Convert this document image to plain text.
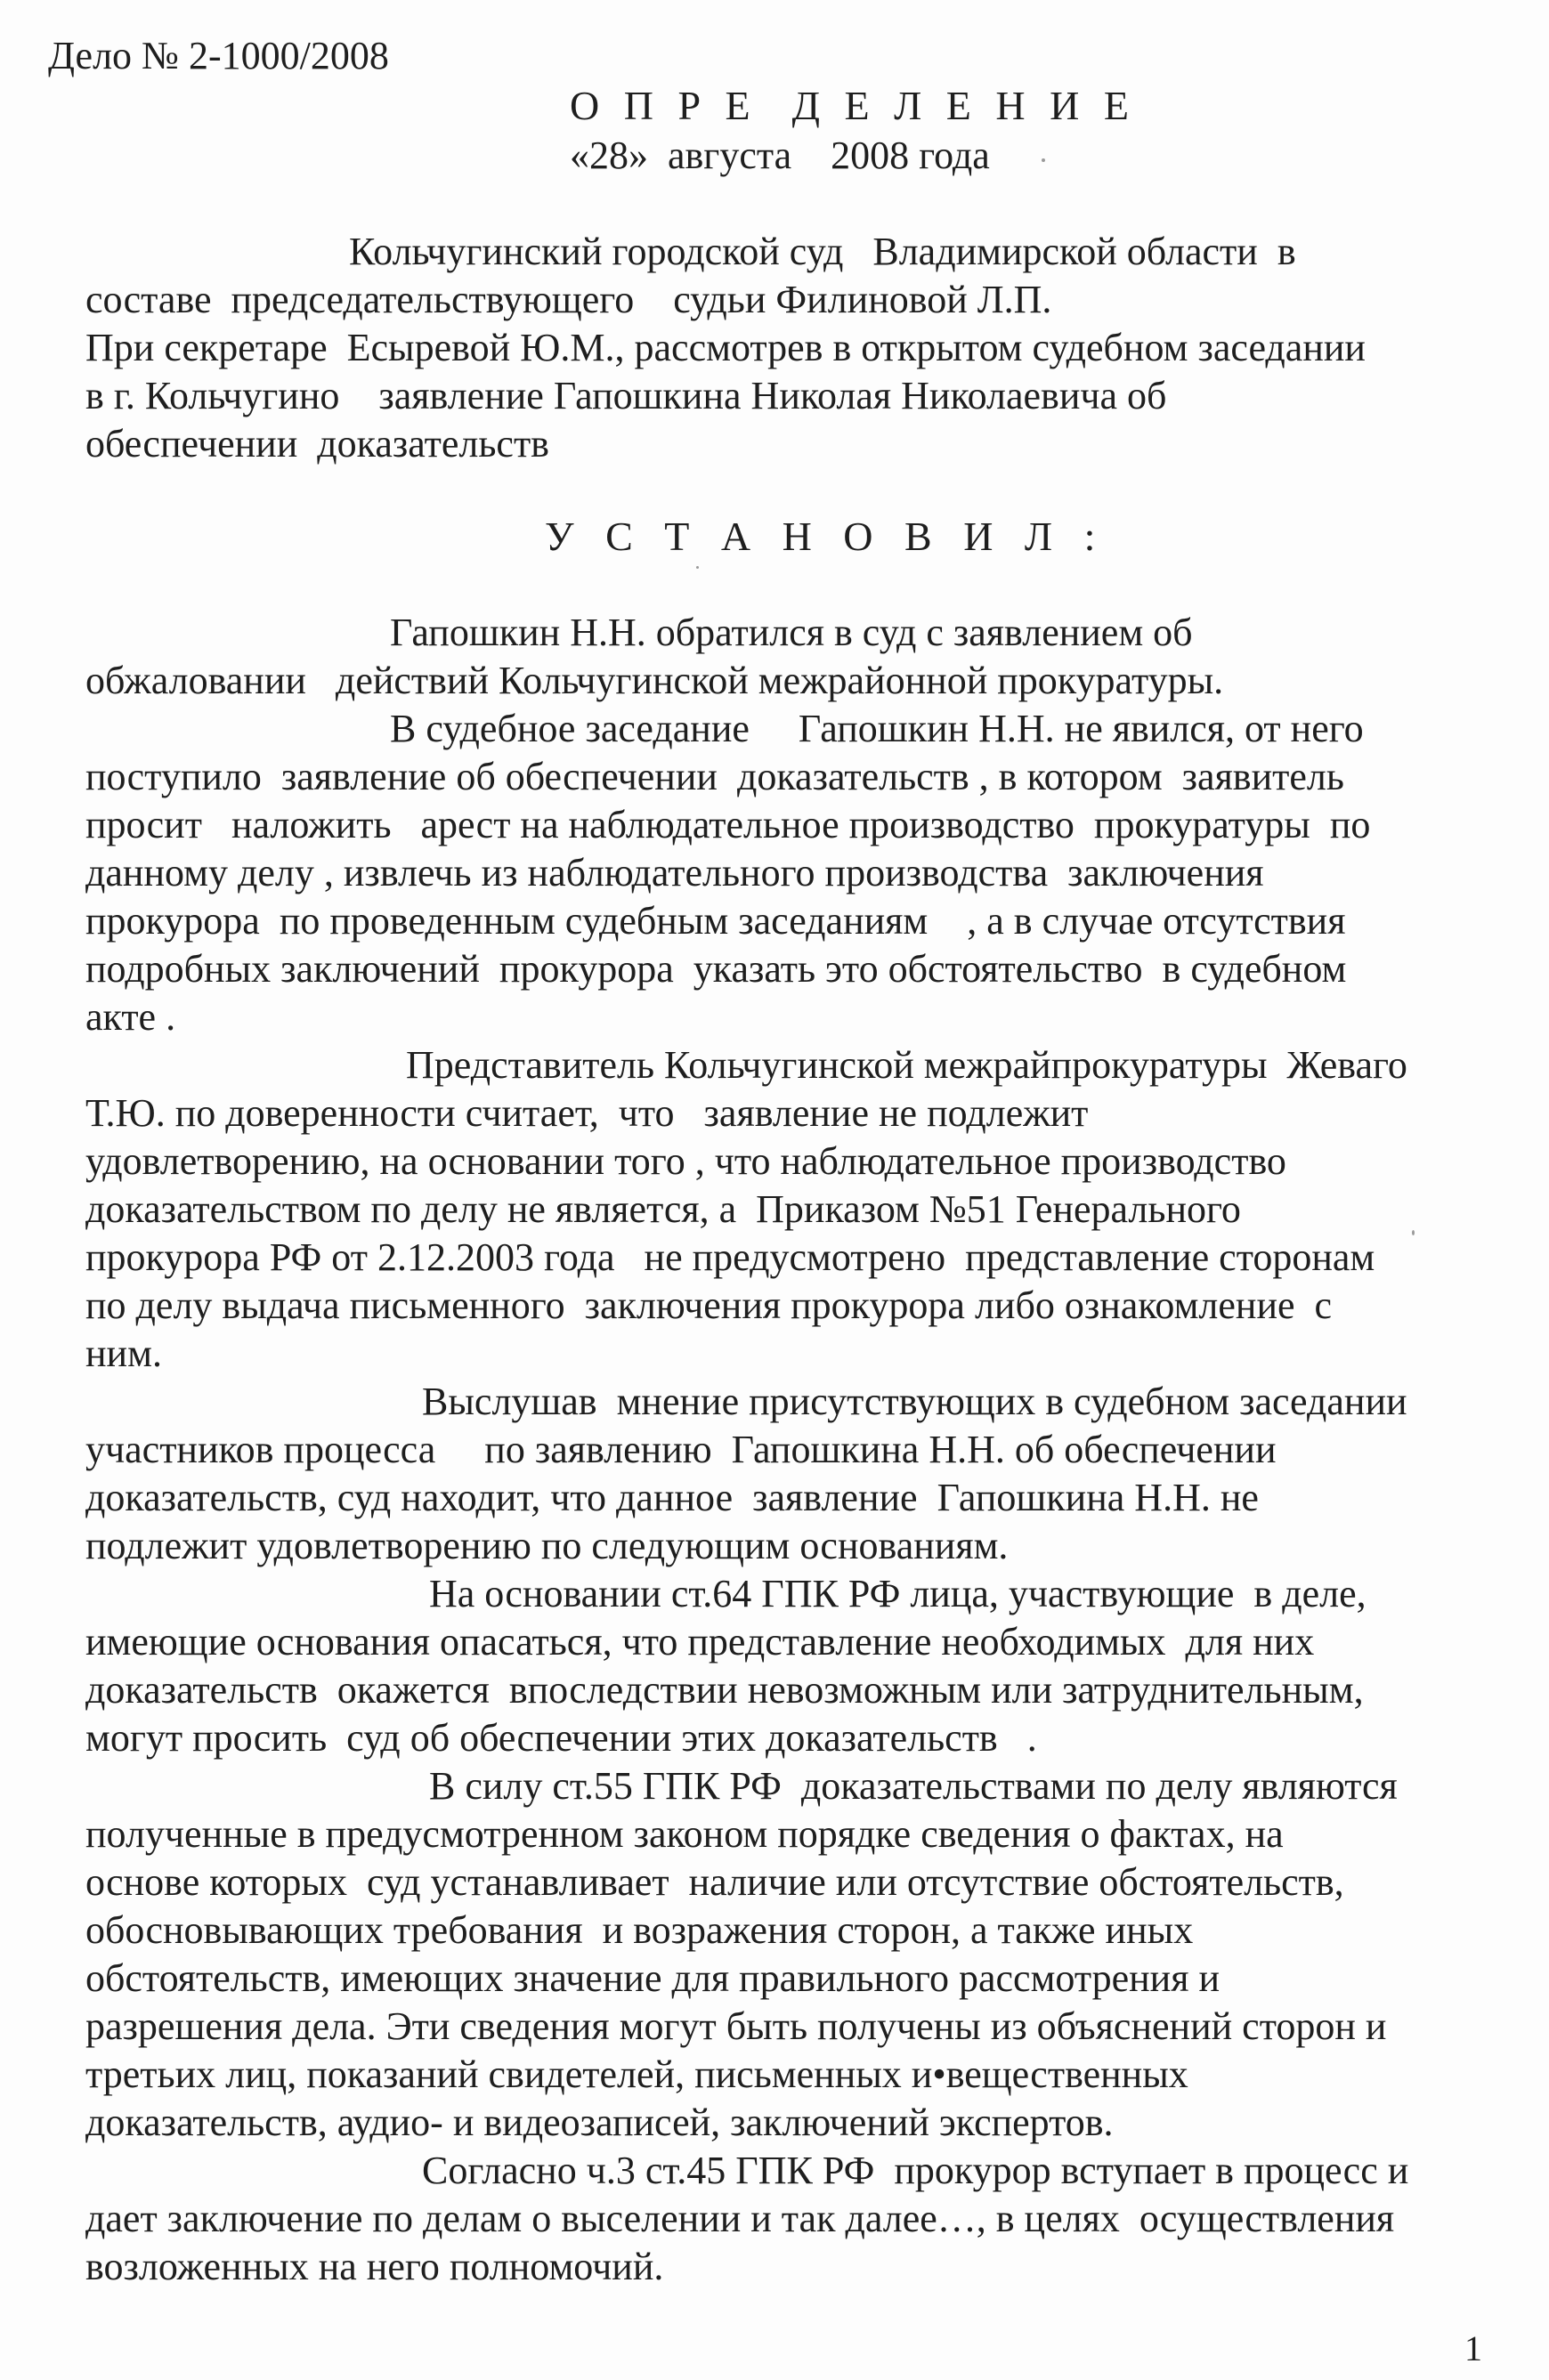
Дело № 2-1000/2008
О П Р Е  Д Е Л Е Н И Е
«28»  августа    2008 года
Кольчугинский городской суд   Владимирской области  в
составе  председательствующего    судьи Филиновой Л.П.
При секретаре  Есыревой Ю.М., рассмотрев в открытом судебном заседании
в г. Кольчугино    заявление Гапошкина Николая Николаевича об
обеспечении  доказательств
У С Т А Н О В И Л :
Гапошкин Н.Н. обратился в суд с заявлением об
обжаловании   действий Кольчугинской межрайонной прокуратуры.
В судебное заседание     Гапошкин Н.Н. не явился, от него
поступило  заявление об обеспечении  доказательств , в котором  заявитель
просит   наложить   арест на наблюдательное производство  прокуратуры  по
данному делу , извлечь из наблюдательного производства  заключения
прокурора  по проведенным судебным заседаниям    , а в случае отсутствия
подробных заключений  прокурора  указать это обстоятельство  в судебном
акте .
Представитель Кольчугинской межрайпрокуратуры  Жеваго
Т.Ю. по доверенности считает,  что   заявление не подлежит
удовлетворению, на основании того , что наблюдательное производство
доказательством по делу не является, а  Приказом №51 Генерального
прокурора РФ от 2.12.2003 года   не предусмотрено  представление сторонам
по делу выдача письменного  заключения прокурора либо ознакомление  с
ним.
Выслушав  мнение присутствующих в судебном заседании
участников процесса     по заявлению  Гапошкина Н.Н. об обеспечении
доказательств, суд находит, что данное  заявление  Гапошкина Н.Н. не
подлежит удовлетворению по следующим основаниям.
На основании ст.64 ГПК РФ лица, участвующие  в деле,
имеющие основания опасаться, что представление необходимых  для них
доказательств  окажется  впоследствии невозможным или затруднительным,
могут просить  суд об обеспечении этих доказательств   .
В силу ст.55 ГПК РФ  доказательствами по делу являются
полученные в предусмотренном законом порядке сведения о фактах, на
основе которых  суд устанавливает  наличие или отсутствие обстоятельств,
обосновывающих требования  и возражения сторон, а также иных
обстоятельств, имеющих значение для правильного рассмотрения и
разрешения дела. Эти сведения могут быть получены из объяснений сторон и
третьих лиц, показаний свидетелей, письменных и•вещественных
доказательств, аудио- и видеозаписей, заключений экспертов.
Согласно ч.3 ст.45 ГПК РФ  прокурор вступает в процесс и
дает заключение по делам о выселении и так далее…, в целях  осуществления
возложенных на него полномочий.
1
